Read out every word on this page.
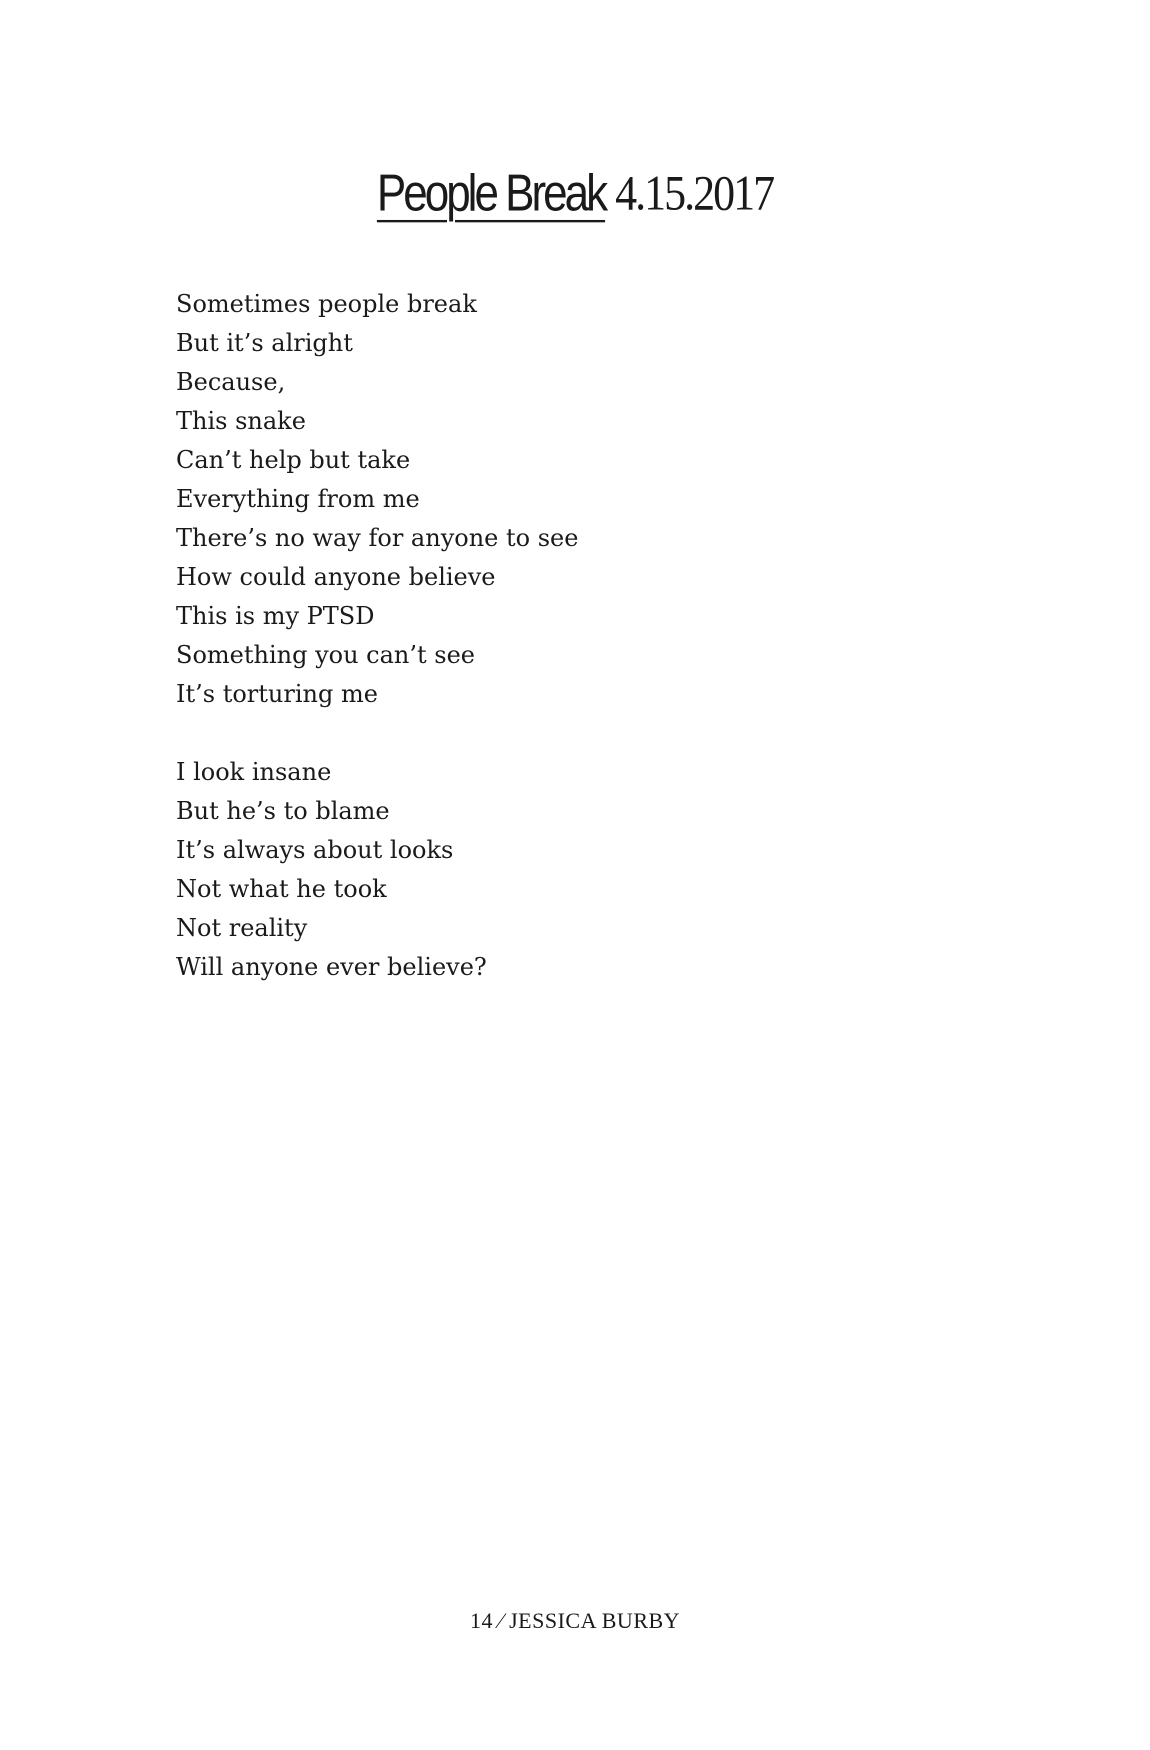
People Break 4.15.2017
Sometimes people break
But it’s alright
Because,
This snake
Can’t help but take
Everything from me
There’s no way for anyone to see
How could anyone believe
This is my PTSD
Something you can’t see
It’s torturing me
I look insane
But he’s to blame
It’s always about looks
Not what he took
Not reality
Will anyone ever believe?
14 ⁄ JESSICA BURBY
